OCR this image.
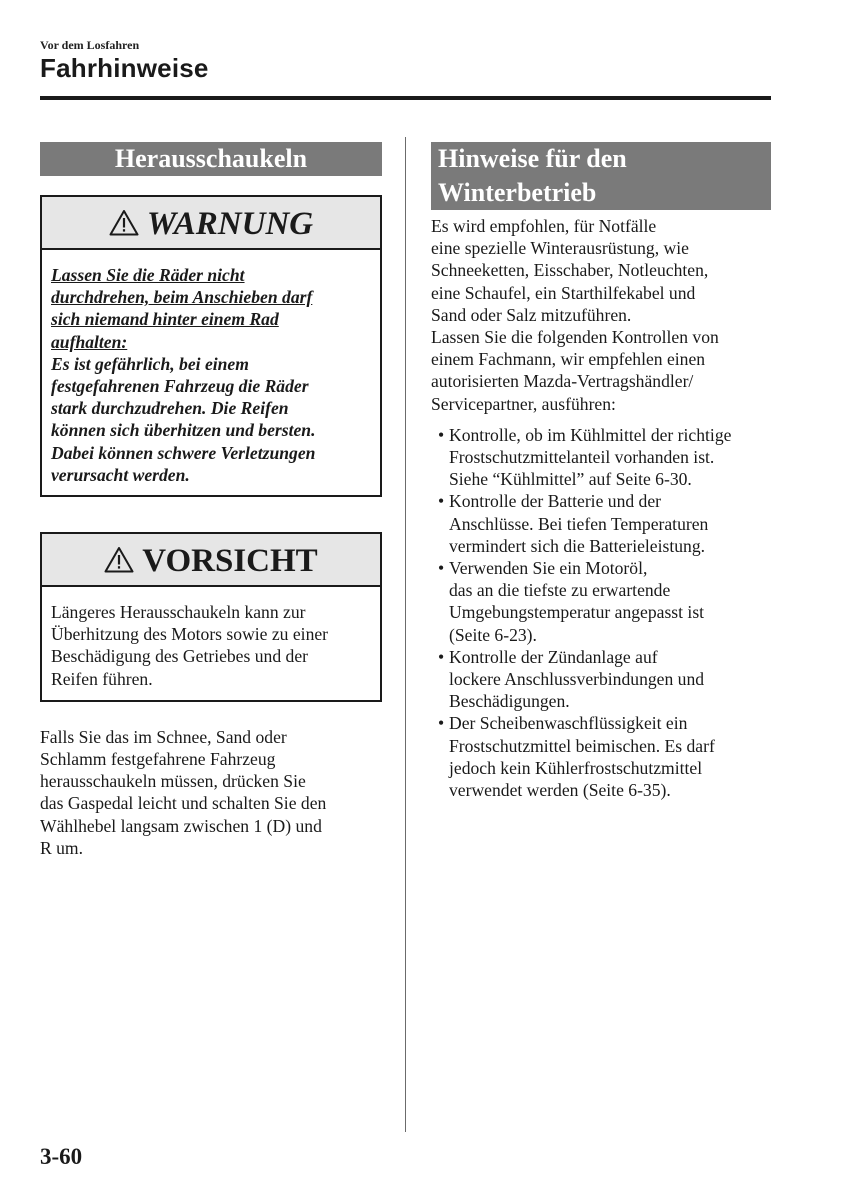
Vor dem Losfahren
Fahrhinweise
Herausschaukeln
WARNUNG
Lassen Sie die Räder nicht
durchdrehen, beim Anschieben darf
sich niemand hinter einem Rad
aufhalten:
Es ist gefährlich, bei einem
festgefahrenen Fahrzeug die Räder
stark durchzudrehen. Die Reifen
können sich überhitzen und bersten.
Dabei können schwere Verletzungen
verursacht werden.
VORSICHT
Längeres Herausschaukeln kann zur
Überhitzung des Motors sowie zu einer
Beschädigung des Getriebes und der
Reifen führen.
Falls Sie das im Schnee, Sand oder
Schlamm festgefahrene Fahrzeug
herausschaukeln müssen, drücken Sie
das Gaspedal leicht und schalten Sie den
Wählhebel langsam zwischen 1 (D) und
R um.
Hinweise für den
Winterbetrieb
Es wird empfohlen, für Notfälle
eine spezielle Winterausrüstung, wie
Schneeketten, Eisschaber, Notleuchten,
eine Schaufel, ein Starthilfekabel und
Sand oder Salz mitzuführen.
Lassen Sie die folgenden Kontrollen von
einem Fachmann, wir empfehlen einen
autorisierten Mazda-Vertragshändler/
Servicepartner, ausführen:
• Kontrolle, ob im Kühlmittel der richtige
Frostschutzmittelanteil vorhanden ist.
Siehe “Kühlmittel” auf Seite 6-30.
• Kontrolle der Batterie und der
Anschlüsse. Bei tiefen Temperaturen
vermindert sich die Batterieleistung.
• Verwenden Sie ein Motoröl,
das an die tiefste zu erwartende
Umgebungstemperatur angepasst ist
(Seite 6-23).
• Kontrolle der Zündanlage auf
lockere Anschlussverbindungen und
Beschädigungen.
• Der Scheibenwaschflüssigkeit ein
Frostschutzmittel beimischen. Es darf
jedoch kein Kühlerfrostschutzmittel
verwendet werden (Seite 6-35).
3-60
